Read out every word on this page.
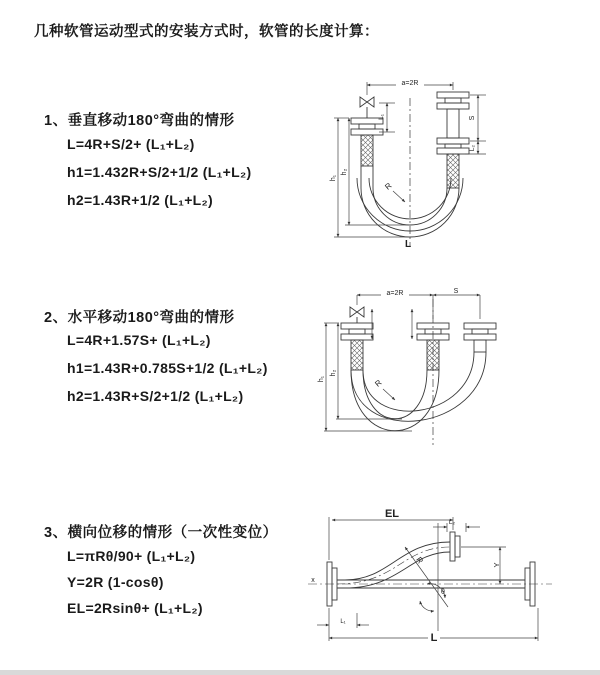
几种软管运动型式的安装方式时，软管的长度计算：
1、垂直移动180°弯曲的情形
L=4R+S/2+ (L₁+L₂)
h1=1.432R+S/2+1/2 (L₁+L₂)
h2=1.43R+1/2 (L₁+L₂)
2、水平移动180°弯曲的情形
L=4R+1.57S+ (L₁+L₂)
h1=1.43R+0.785S+1/2 (L₁+L₂)
h2=1.43R+S/2+1/2 (L₁+L₂)
3、横向位移的情形（一次性变位）
L=πRθ/90+ (L₁+L₂)
Y=2R (1-cosθ)
EL=2Rsinθ+ (L₁+L₂)
a=2R
h₁
h₂
L₁	S
L₂
R
L
a=2R	S
h₁
h₂
R
EL
L₂
Y
R
θ
L
L₁
x
